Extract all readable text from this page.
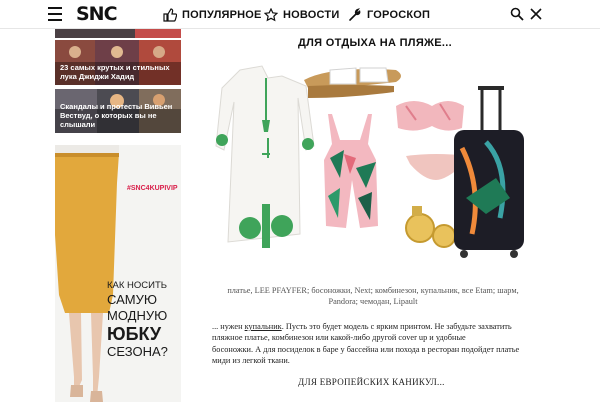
SNC	ПОПУЛЯРНОЕ НОВОСТИ	ГОРОСКОП
23 самых крутых и стильных лука Джиджи Хадид
Скандалы и протесты Вивьен Вествуд, о которых вы не слышали
#SNC4KUPIVIP
КАК НОСИТЬ
САМУЮ
МОДНУЮ
ЮБКУ
СЕЗОНА?
ДЛЯ ОТДЫХА НА ПЛЯЖЕ...
платье, LEE PFAYFER; босоножки, Next; комбинезон, купальник, все Etam; шарм,
Pandora; чемодан, Lipault
... нужен купальник. Пусть это будет модель с ярким принтом. Не забудьте захватить
пляжное платье, комбинезон или какой-либо другой cover up и удобные
босоножки. А для посиделок в баре у бассейна или похода в ресторан подойдет платье
миди из легкой ткани.
ДЛЯ ЕВРОПЕЙСКИХ КАНИКУЛ...
